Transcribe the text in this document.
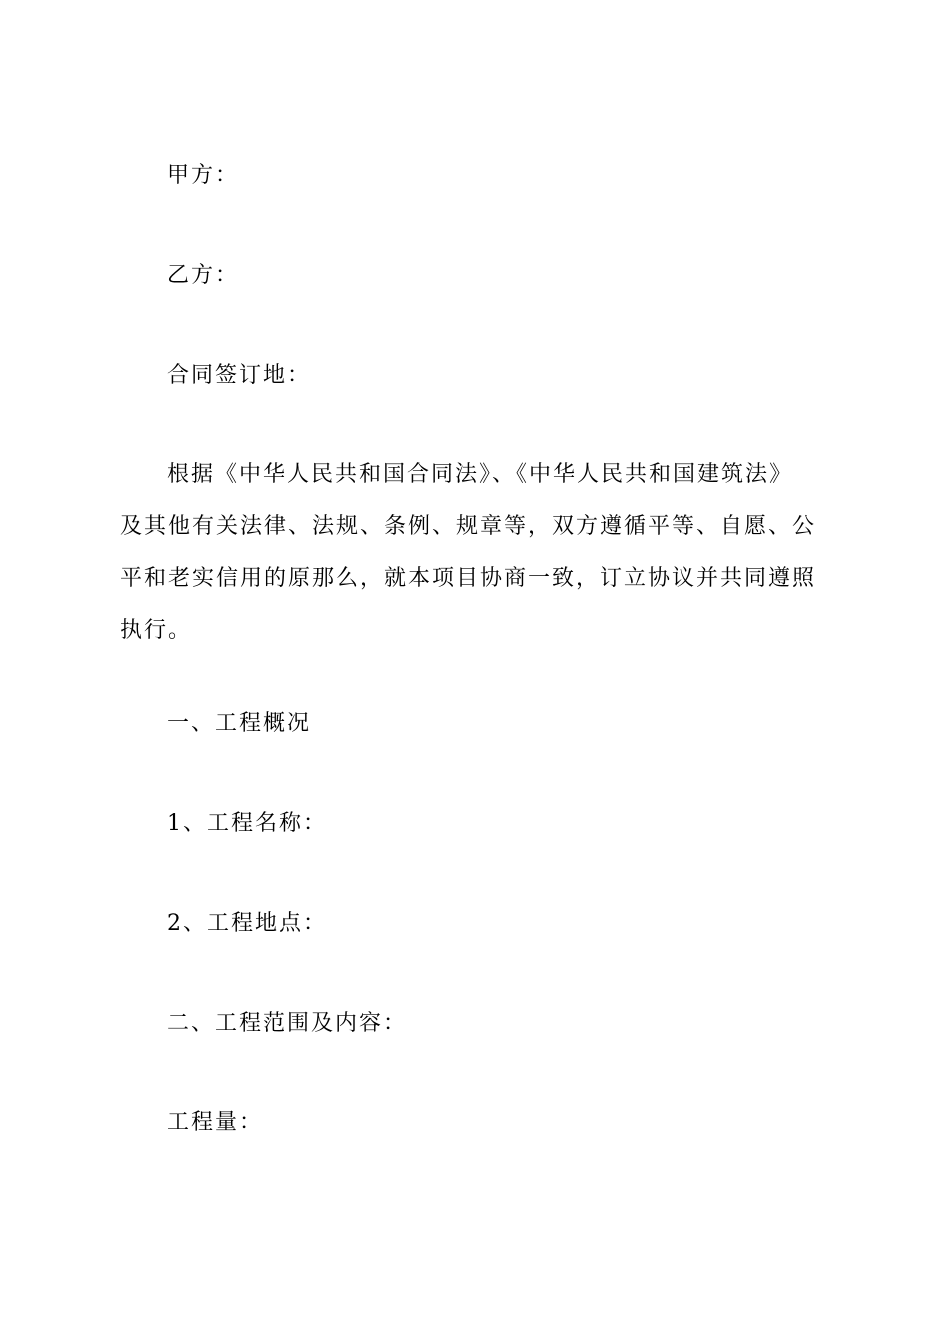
甲方：
乙方：
合同签订地：
根据《中华人民共和国合同法》、《中华人民共和国建筑法》
及其他有关法律、法规、条例、规章等，双方遵循平等、自愿、公
平和老实信用的原那么，就本项目协商一致，订立协议并共同遵照
执行。
一、工程概况
1、工程名称：
2、工程地点：
二、工程范围及内容：
工程量：
